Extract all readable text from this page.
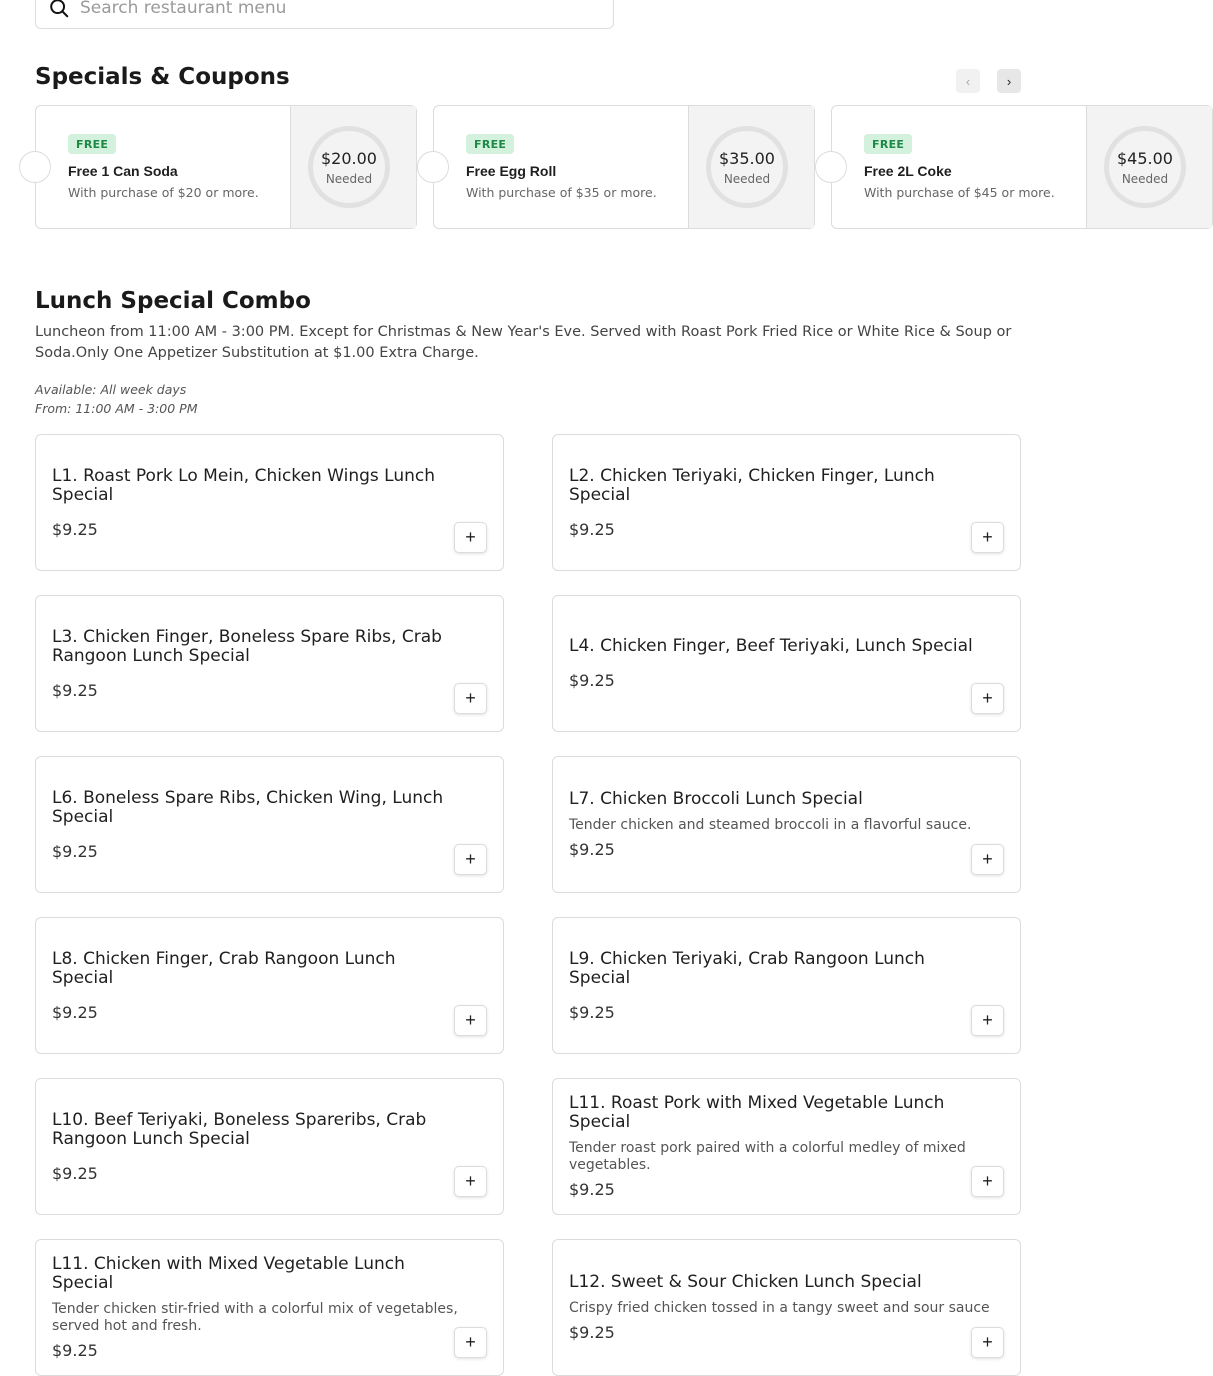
Search restaurant menu
Specials & Coupons	‹	›
FREE
Free 1 Can Soda
With purchase of $20 or more.
$20.00
Needed
FREE
Free Egg Roll
With purchase of $35 or more.
$35.00
Needed
FREE
Free 2L Coke
With purchase of $45 or more.
$45.00
Needed
Lunch Special Combo
Luncheon from 11:00 AM - 3:00 PM. Except for Christmas & New Year's Eve. Served with Roast Pork Fried Rice or White Rice & Soup or Soda.Only One Appetizer Substitution at $1.00 Extra Charge.
Available: All week days
From: 11:00 AM - 3:00 PM
L1. Roast Pork Lo Mein, Chicken Wings Lunch Special
$9.25	+
L2. Chicken Teriyaki, Chicken Finger, Lunch Special
$9.25	+
L3. Chicken Finger, Boneless Spare Ribs, Crab Rangoon Lunch Special
$9.25	+
L4. Chicken Finger, Beef Teriyaki, Lunch Special
$9.25
+
L6. Boneless Spare Ribs, Chicken Wing, Lunch Special
$9.25	+
L7. Chicken Broccoli Lunch Special
Tender chicken and steamed broccoli in a flavorful sauce.
$9.25	+
L8. Chicken Finger, Crab Rangoon Lunch Special
$9.25	+
L9. Chicken Teriyaki, Crab Rangoon Lunch Special
$9.25	+
L10. Beef Teriyaki, Boneless Spareribs, Crab Rangoon Lunch Special
$9.25	+
L11. Roast Pork with Mixed Vegetable Lunch Special
Tender roast pork paired with a colorful medley of mixed vegetables.
$9.25	+
L11. Chicken with Mixed Vegetable Lunch Special
Tender chicken stir-fried with a colorful mix of vegetables, served hot and fresh.
$9.25	+
L12. Sweet & Sour Chicken Lunch Special
Crispy fried chicken tossed in a tangy sweet and sour sauce
$9.25	+
